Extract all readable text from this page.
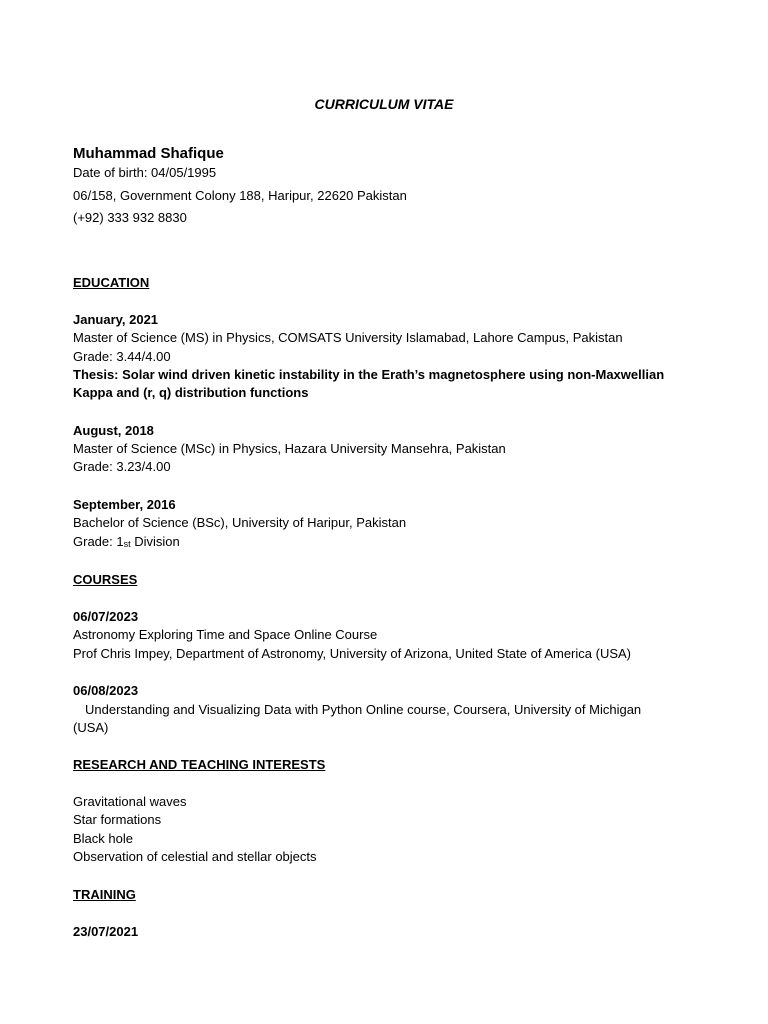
CURRICULUM VITAE
Muhammad Shafique
Date of birth: 04/05/1995
06/158, Government Colony 188, Haripur, 22620 Pakistan
(+92) 333 932 8830
EDUCATION
January, 2021
Master of Science (MS) in Physics, COMSATS University Islamabad, Lahore Campus, Pakistan
Grade: 3.44/4.00
Thesis: Solar wind driven kinetic instability in the Erath’s magnetosphere using non-Maxwellian
Kappa and (r, q) distribution functions
August, 2018
Master of Science (MSc) in Physics, Hazara University Mansehra, Pakistan
Grade: 3.23/4.00
September, 2016
Bachelor of Science (BSc), University of Haripur, Pakistan
Grade: $1_{st}$ Division
COURSES
06/07/2023
Astronomy Exploring Time and Space Online Course
Prof Chris Impey, Department of Astronomy, University of Arizona, United State of America (USA)
06/08/2023
Understanding and Visualizing Data with Python Online course, Coursera, University of Michigan
(USA)
RESEARCH AND TEACHING INTERESTS
Gravitational waves
Star formations
Black hole
Observation of celestial and stellar objects
TRAINING
23/07/2021
